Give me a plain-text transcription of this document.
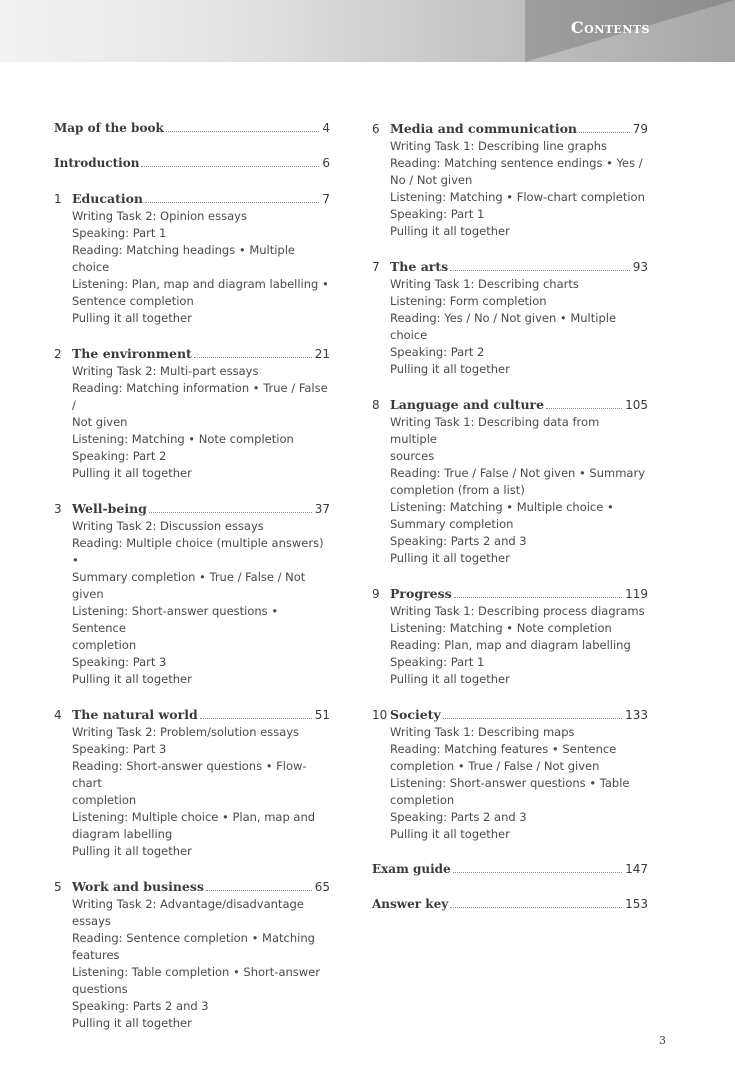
Contents
Map of the book	4
Introduction	6
1 Education	7
Writing Task 2: Opinion essays
Speaking: Part 1
Reading: Matching headings • Multiple choice
Listening: Plan, map and diagram labelling •
Sentence completion
Pulling it all together
2 The environment	21
Writing Task 2: Multi-part essays
Reading: Matching information • True / False /
Not given
Listening: Matching • Note completion
Speaking: Part 2
Pulling it all together
3 Well-being	37
Writing Task 2: Discussion essays
Reading: Multiple choice (multiple answers) •
Summary completion • True / False / Not given
Listening: Short-answer questions • Sentence
completion
Speaking: Part 3
Pulling it all together
4 The natural world	51
Writing Task 2: Problem/solution essays
Speaking: Part 3
Reading: Short-answer questions • Flow-chart
completion
Listening: Multiple choice • Plan, map and
diagram labelling
Pulling it all together
5 Work and business	65
Writing Task 2: Advantage/disadvantage essays
Reading: Sentence completion • Matching
features
Listening: Table completion • Short-answer
questions
Speaking: Parts 2 and 3
Pulling it all together
6 Media and communication	79
Writing Task 1: Describing line graphs
Reading: Matching sentence endings • Yes /
No / Not given
Listening: Matching • Flow-chart completion
Speaking: Part 1
Pulling it all together
7 The arts	93
Writing Task 1: Describing charts
Listening: Form completion
Reading: Yes / No / Not given • Multiple choice
Speaking: Part 2
Pulling it all together
8 Language and culture	105
Writing Task 1: Describing data from multiple
sources
Reading: True / False / Not given • Summary
completion (from a list)
Listening: Matching • Multiple choice •
Summary completion
Speaking: Parts 2 and 3
Pulling it all together
9 Progress	119
Writing Task 1: Describing process diagrams
Listening: Matching • Note completion
Reading: Plan, map and diagram labelling
Speaking: Part 1
Pulling it all together
10 Society	133
Writing Task 1: Describing maps
Reading: Matching features • Sentence
completion • True / False / Not given
Listening: Short-answer questions • Table
completion
Speaking: Parts 2 and 3
Pulling it all together
Exam guide	147
Answer key	153
3
